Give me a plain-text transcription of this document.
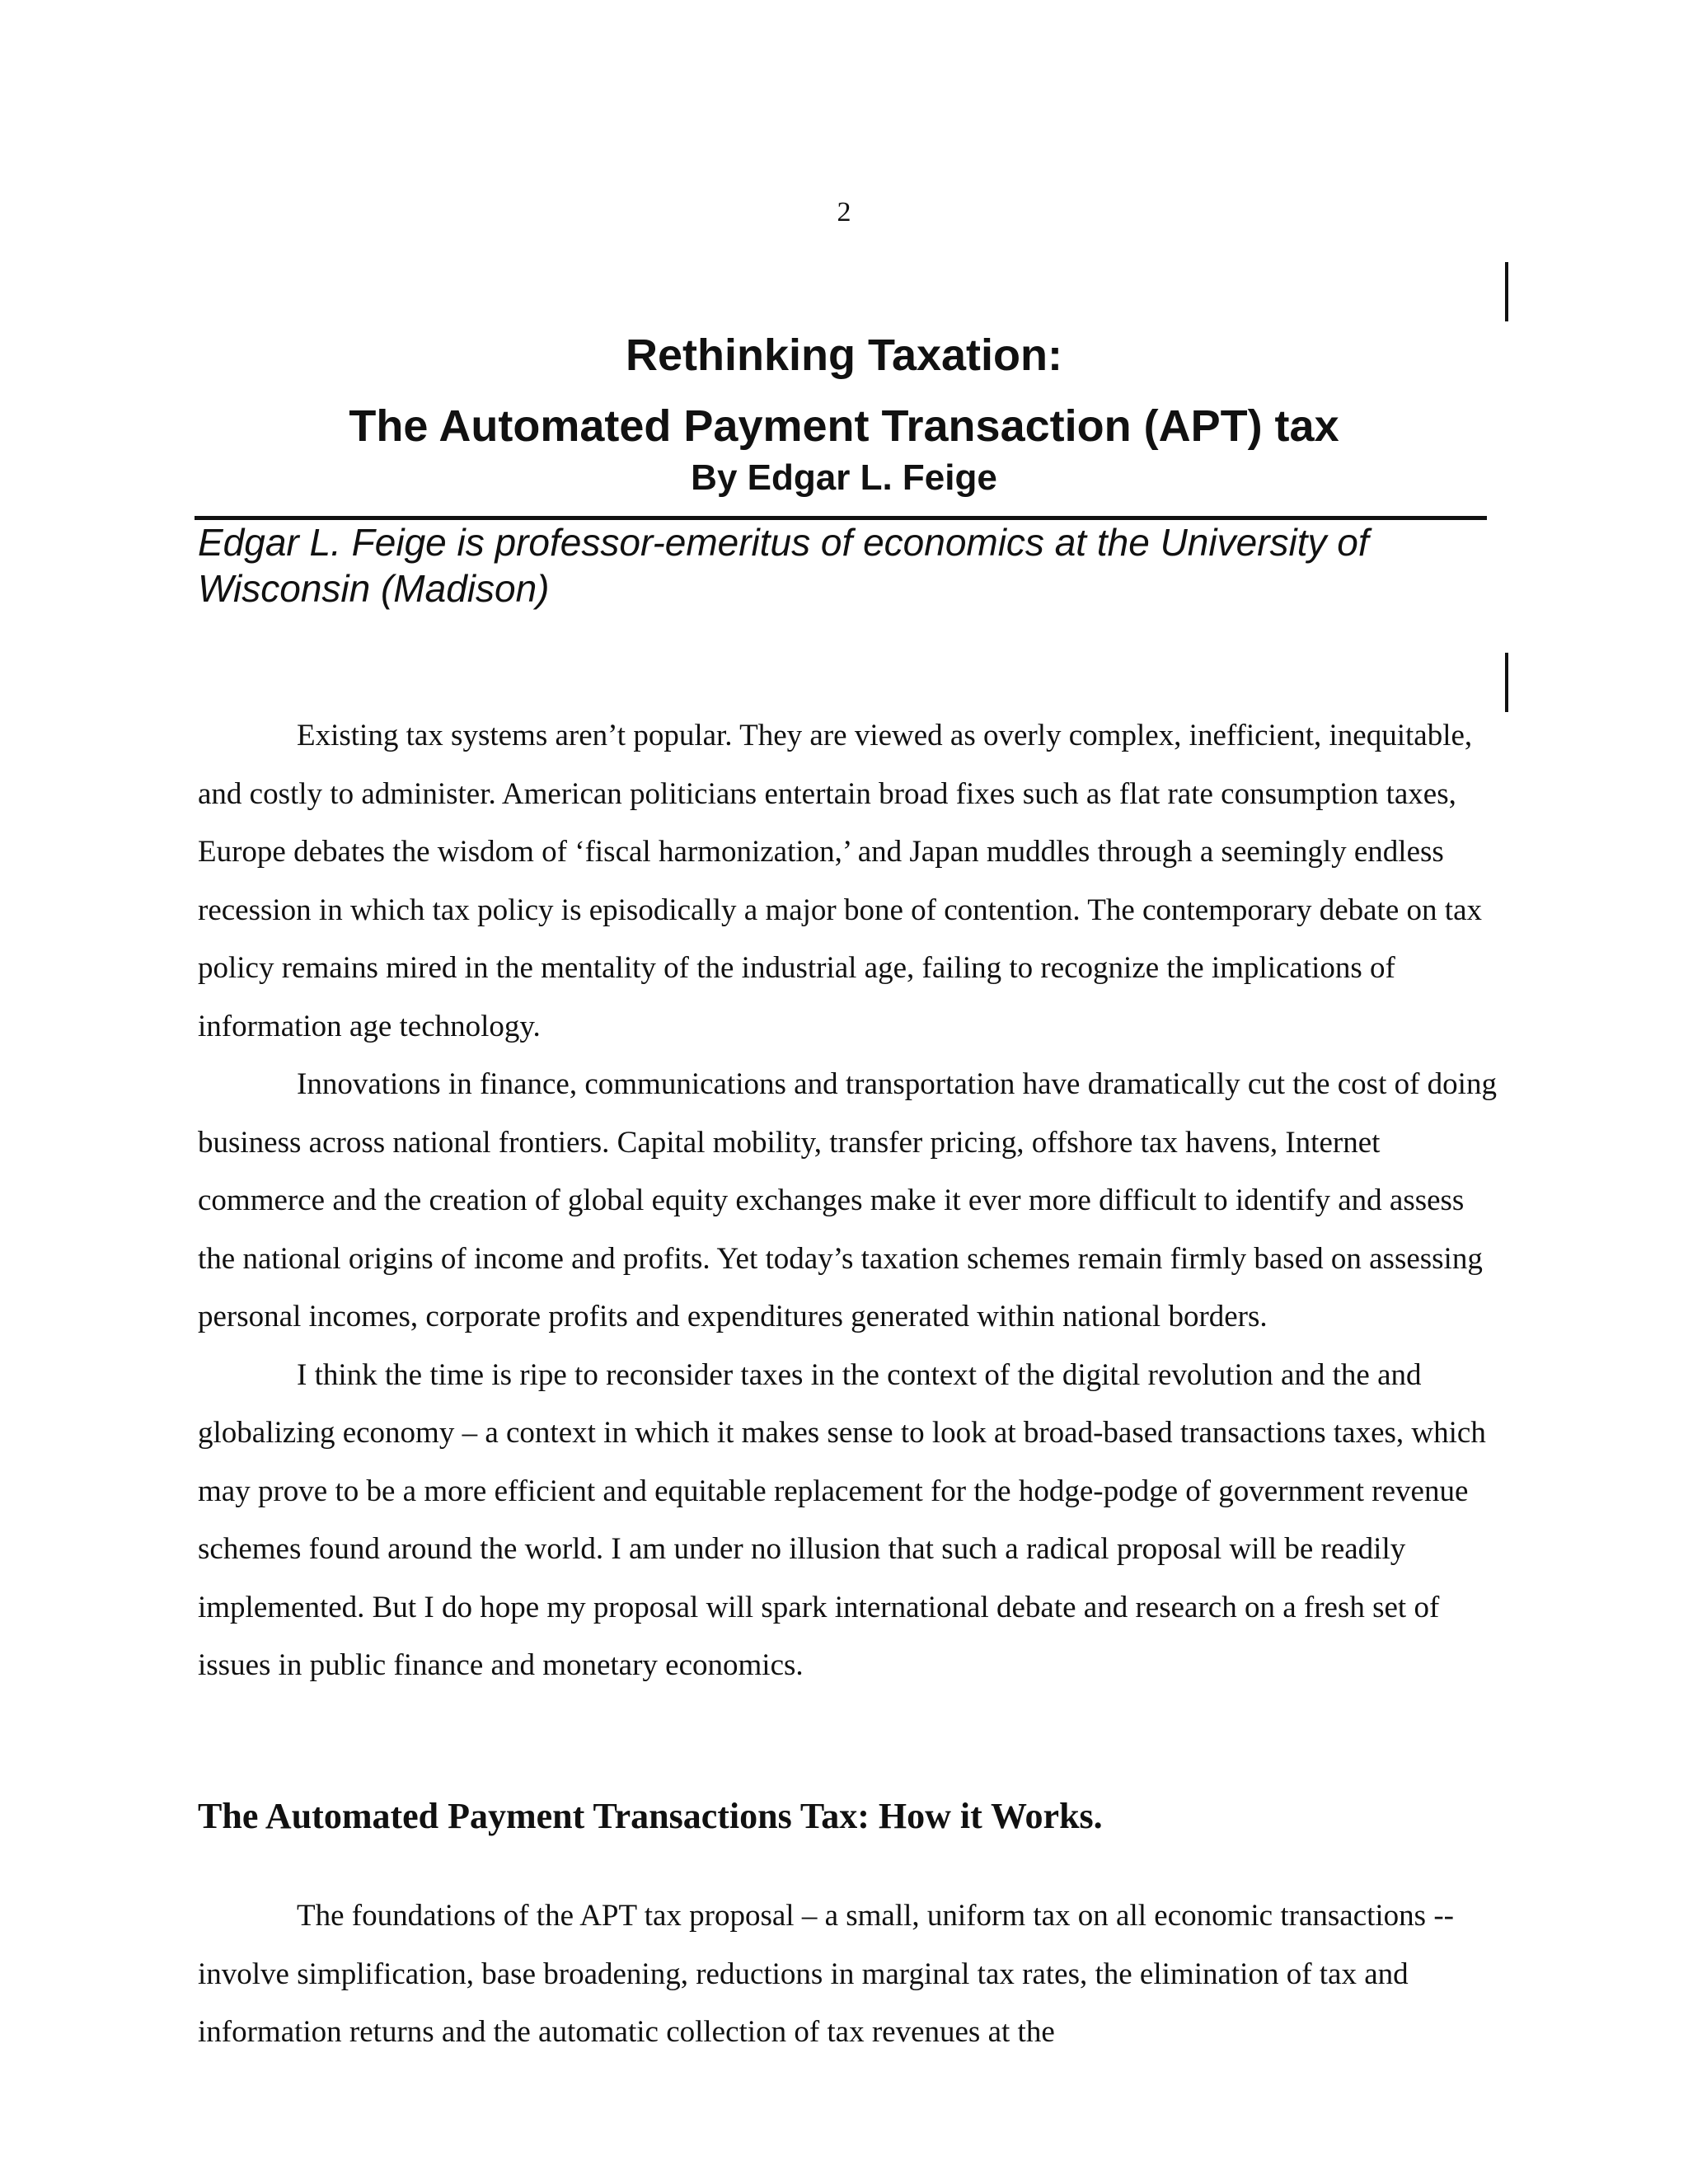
2
Rethinking Taxation:
The Automated Payment Transaction (APT) tax
By Edgar L. Feige
Edgar L. Feige is professor-emeritus of economics at the University of Wisconsin (Madison)

Existing tax systems aren’t popular. They are viewed as overly complex, inefficient, inequitable, and costly to administer. American politicians entertain broad fixes such as flat rate consumption taxes, Europe debates the wisdom of ‘fiscal harmonization,’ and Japan muddles through a seemingly endless recession in which tax policy is episodically a major bone of contention. The contemporary debate on tax policy remains mired in the mentality of the industrial age, failing to recognize the implications of information age technology.

Innovations in finance, communications and transportation have dramatically cut the cost of doing business across national frontiers. Capital mobility, transfer pricing, offshore tax havens, Internet commerce and the creation of global equity exchanges make it ever more difficult to identify and assess the national origins of income and profits. Yet today’s taxation schemes remain firmly based on assessing personal incomes, corporate profits and expenditures generated within national borders.

I think the time is ripe to reconsider taxes in the context of the digital revolution and the and globalizing economy – a context in which it makes sense to look at broad-based transactions taxes, which may prove to be a more efficient and equitable replacement for the hodge-podge of government revenue schemes found around the world. I am under no illusion that such a radical proposal will be readily implemented. But I do hope my proposal will spark international debate and research on a fresh set of issues in public finance and monetary economics.

The Automated Payment Transactions Tax: How it Works.

The foundations of the APT tax proposal – a small, uniform tax on all economic transactions -- involve simplification, base broadening, reductions in marginal tax rates, the elimination of tax and information returns and the automatic collection of tax revenues at the
